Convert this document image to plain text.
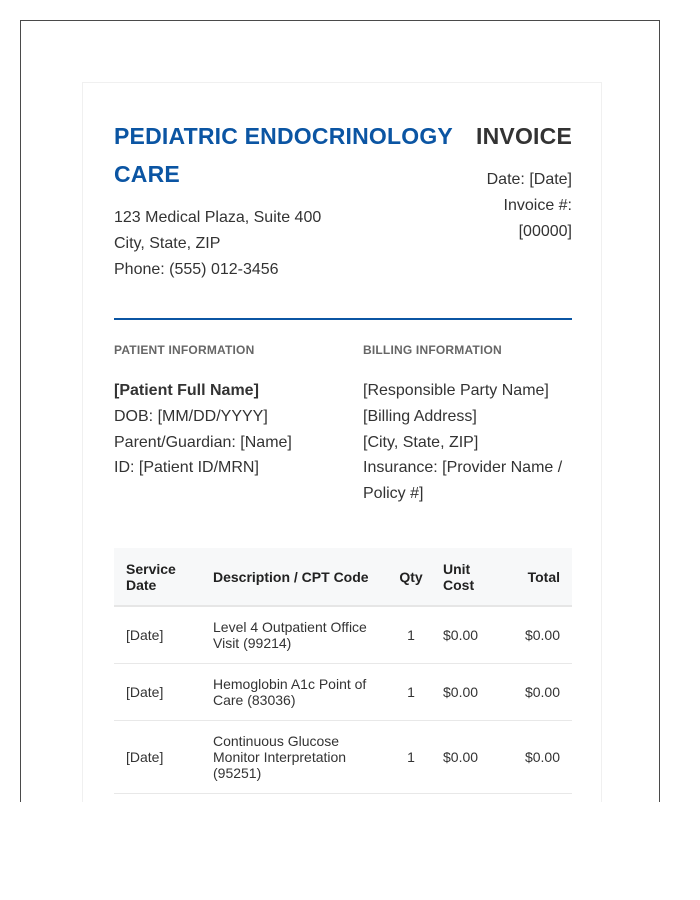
PEDIATRIC ENDOCRINOLOGY CARE
123 Medical Plaza, Suite 400
City, State, ZIP
Phone: (555) 012-3456
INVOICE
Date: [Date]
Invoice #:
[00000]
PATIENT INFORMATION
[Patient Full Name]
DOB: [MM/DD/YYYY]
Parent/Guardian: [Name]
ID: [Patient ID/MRN]
BILLING INFORMATION
[Responsible Party Name]
[Billing Address]
[City, State, ZIP]
Insurance: [Provider Name / Policy #]
Service Date	Description / CPT Code	Qty	Unit Cost	Total
[Date]	Level 4 Outpatient Office Visit (99214)	1	$0.00	$0.00
[Date]	Hemoglobin A1c Point of Care (83036)	1	$0.00	$0.00
[Date]	Continuous Glucose Monitor Interpretation (95251)	1	$0.00	$0.00
